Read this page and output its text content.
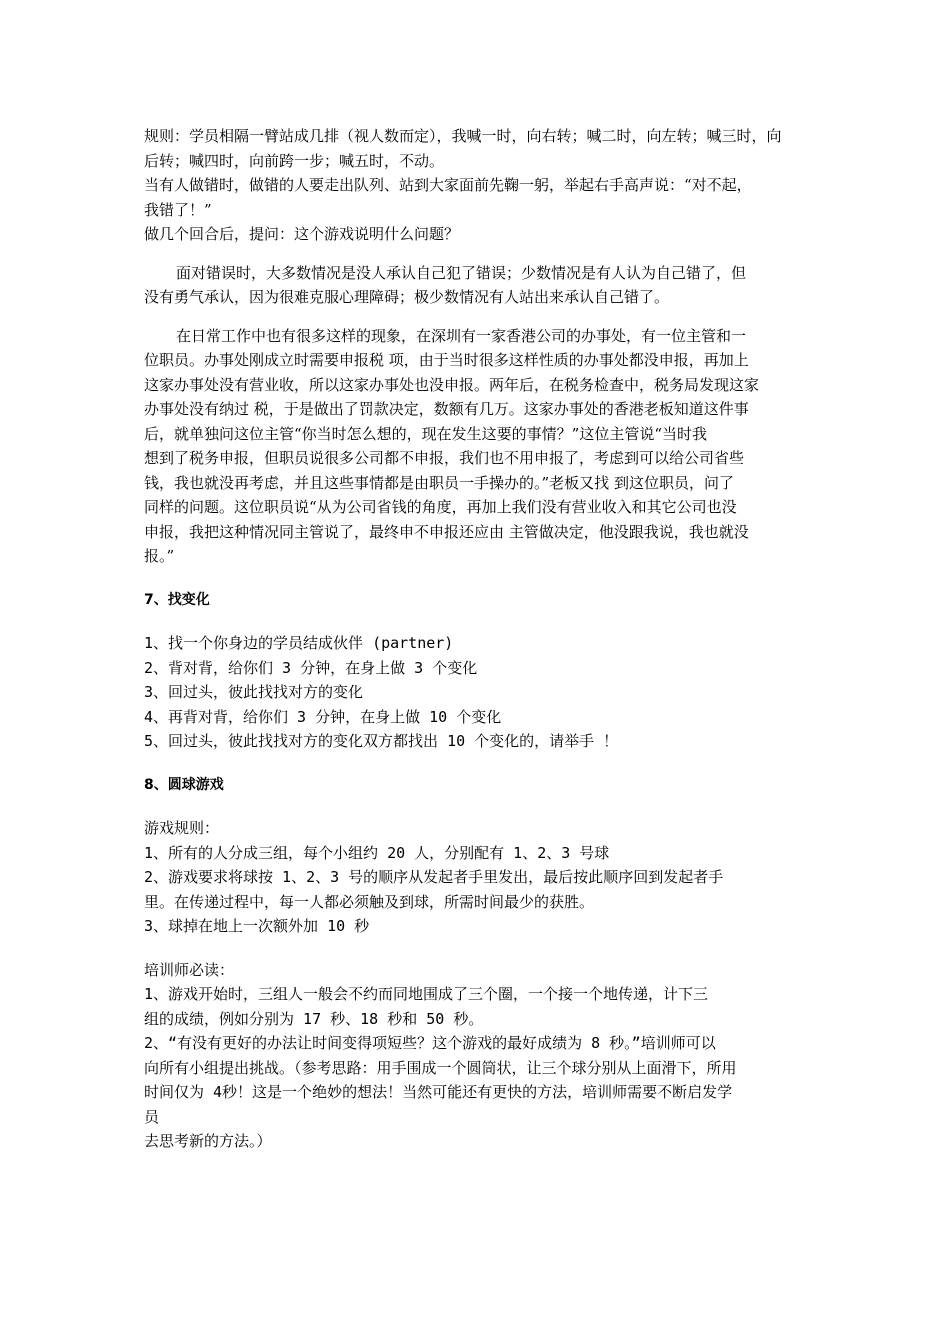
规则：学员相隔一臂站成几排（视人数而定），我喊一时，向右转；喊二时，向左转；喊三时，向
后转；喊四时，向前跨一步；喊五时，不动。
当有人做错时，做错的人要走出队列、站到大家面前先鞠一躬，举起右手高声说：“对不起，
我错了！”
做几个回合后，提问：这个游戏说明什么问题？
面对错误时，大多数情况是没人承认自己犯了错误；少数情况是有人认为自己错了，但
没有勇气承认，因为很难克服心理障碍；极少数情况有人站出来承认自己错了。
在日常工作中也有很多这样的现象，在深圳有一家香港公司的办事处，有一位主管和一
位职员。办事处刚成立时需要申报税 项，由于当时很多这样性质的办事处都没申报，再加上
这家办事处没有营业收，所以这家办事处也没申报。两年后，在税务检查中，税务局发现这家
办事处没有纳过 税，于是做出了罚款决定，数额有几万。这家办事处的香港老板知道这件事
后，就单独问这位主管“你当时怎么想的，现在发生这要的事情？”这位主管说“当时我
想到了税务申报，但职员说很多公司都不申报，我们也不用申报了，考虑到可以给公司省些
钱，我也就没再考虑，并且这些事情都是由职员一手操办的。”老板又找 到这位职员，问了
同样的问题。这位职员说“从为公司省钱的角度，再加上我们没有营业收入和其它公司也没
申报，我把这种情况同主管说了，最终申不申报还应由 主管做决定，他没跟我说，我也就没
报。”
7、找变化
1、找一个你身边的学员结成伙伴 (partner)
2、背对背，给你们 3 分钟，在身上做 3 个变化
3、回过头，彼此找找对方的变化
4、再背对背，给你们 3 分钟，在身上做 10 个变化
5、回过头，彼此找找对方的变化双方都找出 10 个变化的，请举手 ！
8、圆球游戏
游戏规则：
1、所有的人分成三组，每个小组约 20 人，分别配有 1、2、3 号球
2、游戏要求将球按 1、2、3 号的顺序从发起者手里发出，最后按此顺序回到发起者手
里。在传递过程中，每一人都必须触及到球，所需时间最少的获胜。
3、球掉在地上一次额外加 10 秒
培训师必读：
1、游戏开始时，三组人一般会不约而同地围成了三个圈，一个接一个地传递，计下三
组的成绩，例如分别为 17 秒、18 秒和 50 秒。
2、“有没有更好的办法让时间变得项短些？这个游戏的最好成绩为 8 秒。”培训师可以
向所有小组提出挑战。（参考思路：用手围成一个圆筒状，让三个球分别从上面滑下，所用
时间仅为 4秒！这是一个绝妙的想法！当然可能还有更快的方法，培训师需要不断启发学
员
去思考新的方法。）
